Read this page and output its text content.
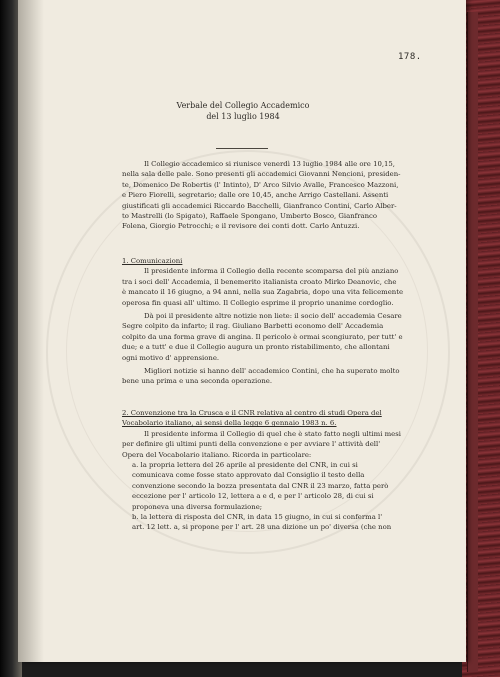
178.
Verbale del Collegio Accademico
del 13 luglio 1984
Il Collegio accademico si riunisce venerdì 13 luglio 1984 alle ore 10,15,
nella sala delle pale. Sono presenti gli accademici Giovanni Nencioni, presiden-
te, Domenico De Robertis (l' Intinto), D' Arco Silvio Avalle, Francesco Mazzoni,
e Piero Fiorelli, segretario; dalle ore 10,45, anche Arrigo Castellani. Assenti
giustificati gli accademici Riccardo Bacchelli, Gianfranco Contini, Carlo Alber-
to Mastrelli (lo Spigato), Raffaele Spongano, Umberto Bosco, Gianfranco
Folena, Giorgio Petrocchi; e il revisore dei conti dott. Carlo Antuzzi.
1. Comunicazioni
Il presidente informa il Collegio della recente scomparsa del più anziano
tra i soci dell' Accademia, il benemerito italianista croato Mirko Deanovic, che
è mancato il 16 giugno, a 94 anni, nella sua Zagabria, dopo una vita felicemente
operosa fin quasi all' ultimo. Il Collegio esprime il proprio unanime cordoglio.
Dà poi il presidente altre notizie non liete: il socio dell' accademia Cesare
Segre colpito da infarto; il rag. Giuliano Barbetti economo dell' Accademia
colpito da una forma grave di angina. Il pericolo è ormai scongiurato, per tutt' e
due; e a tutt' e due il Collegio augura un pronto ristabilimento, che allontani
ogni motivo d' apprensione.
Migliori notizie si hanno dell' accademico Contini, che ha superato molto
bene una prima e una seconda operazione.
2. Convenzione tra la Crusca e il CNR relativa al centro di studi Opera del
Vocabolario italiano, ai sensi della legge 6 gennaio 1983 n. 6.
Il presidente informa il Collegio di quel che è stato fatto negli ultimi mesi
per definire gli ultimi punti della convenzione e per avviare l' attività dell'
Opera del Vocabolario italiano. Ricorda in particolare:
a. la propria lettera del 26 aprile al presidente del CNR, in cui si
comunicava come fosse stato approvato dal Consiglio il testo della
convenzione secondo la bozza presentata dal CNR il 23 marzo, fatta però
eccezione per l' articolo 12, lettera a e d, e per l' articolo 28, di cui si
proponeva una diversa formulazione;
b. la lettera di risposta del CNR, in data 15 giugno, in cui si conferma l'
art. 12 lett. a, si propone per l' art. 28 una dizione un po' diversa (che non
